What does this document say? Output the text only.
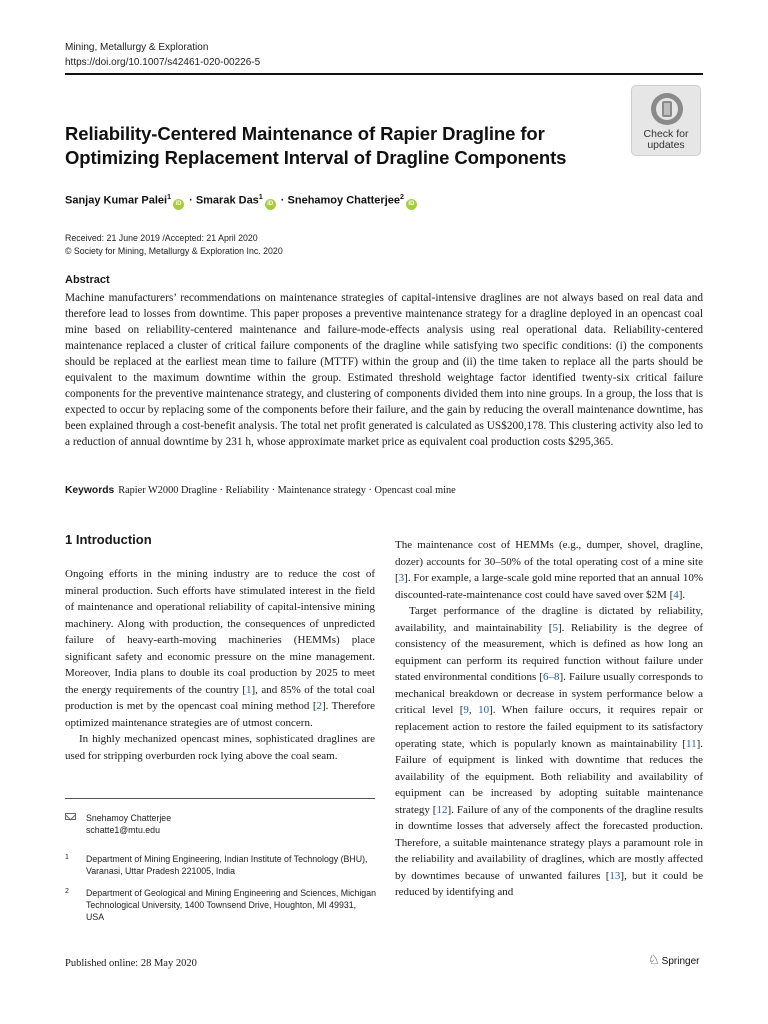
Mining, Metallurgy & Exploration
https://doi.org/10.1007/s42461-020-00226-5
Reliability-Centered Maintenance of Rapier Dragline for Optimizing Replacement Interval of Dragline Components
Check for
updates
Sanjay Kumar Palei$^1$iD · Smarak Das$^1$iD · Snehamoy Chatterjee$^2$iD
Received: 21 June 2019 /Accepted: 21 April 2020
© Society for Mining, Metallurgy & Exploration Inc. 2020
Abstract
Machine manufacturers’ recommendations on maintenance strategies of capital-intensive draglines are not always based on real data and therefore lead to losses from downtime. This paper proposes a preventive maintenance strategy for a dragline deployed in an opencast coal mine based on reliability-centered maintenance and failure-mode-effects analysis using real operational data. Reliability-centered maintenance replaced a cluster of critical failure components of the dragline while satisfying two specific conditions: (i) the components should be replaced at the earliest mean time to failure (MTTF) within the group and (ii) the time taken to replace all the parts should be equivalent to the maximum downtime within the group. Estimated threshold weightage factor identified twenty-six critical failure components for the preventive maintenance strategy, and clustering of components divided them into nine groups. In a group, the loss that is expected to occur by replacing some of the components before their failure, and the gain by reducing the overall maintenance downtime, has been explained through a cost-benefit analysis. The total net profit generated is calculated as US$200,178. This clustering activity also led to a reduction of annual downtime by 231 h, whose approximate market price as equivalent coal production costs $295,365.
Keywords Rapier W2000 Dragline · Reliability · Maintenance strategy · Opencast coal mine
1 Introduction

Ongoing efforts in the mining industry are to reduce the cost of mineral production. Such efforts have stimulated interest in the field of maintenance and operational reliability of capital-intensive mining machinery. Along with production, the consequences of unpredicted failure of heavy-earth-moving machineries (HEMMs) place significant safety and economic pressure on the mine management. Moreover, India plans to double its coal production by 2025 to meet the energy requirements of the country [1], and 85% of the total coal production is met by the opencast coal mining method [2]. Therefore optimized maintenance strategies are of utmost concern.

In highly mechanized opencast mines, sophisticated draglines are used for stripping overburden rock lying above the coal seam.

Snehamoy Chatterjee
schatte1@mtu.edu
1 Department of Mining Engineering, Indian Institute of Technology (BHU), Varanasi, Uttar Pradesh 221005, India
2 Department of Geological and Mining Engineering and Sciences, Michigan Technological University, 1400 Townsend Drive, Houghton, MI 49931, USA

The maintenance cost of HEMMs (e.g., dumper, shovel, dragline, dozer) accounts for 30–50% of the total operating cost of a mine site [3]. For example, a large-scale gold mine reported that an annual 10% discounted-rate-maintenance cost could have saved over $2M [4].

Target performance of the dragline is dictated by reliability, availability, and maintainability [5]. Reliability is the degree of consistency of the measurement, which is defined as how long an equipment can perform its required function without failure under stated environmental conditions [6–8]. Failure usually corresponds to mechanical breakdown or decrease in system performance below a critical level [9, 10]. When failure occurs, it requires repair or replacement action to restore the failed equipment to its satisfactory operating state, which is popularly known as maintainability [11]. Failure of equipment is linked with downtime that reduces the availability of the equipment. Both reliability and availability of equipment can be increased by adopting suitable maintenance strategy [12]. Failure of any of the components of the dragline results in downtime losses that adversely affect the forecasted production. Therefore, a suitable maintenance strategy plays a paramount role in the reliability and availability of draglines, which are mostly affected by downtimes because of unwanted failures [13], but it could be reduced by identifying and

Published online: 28 May 2020	♘ Springer
